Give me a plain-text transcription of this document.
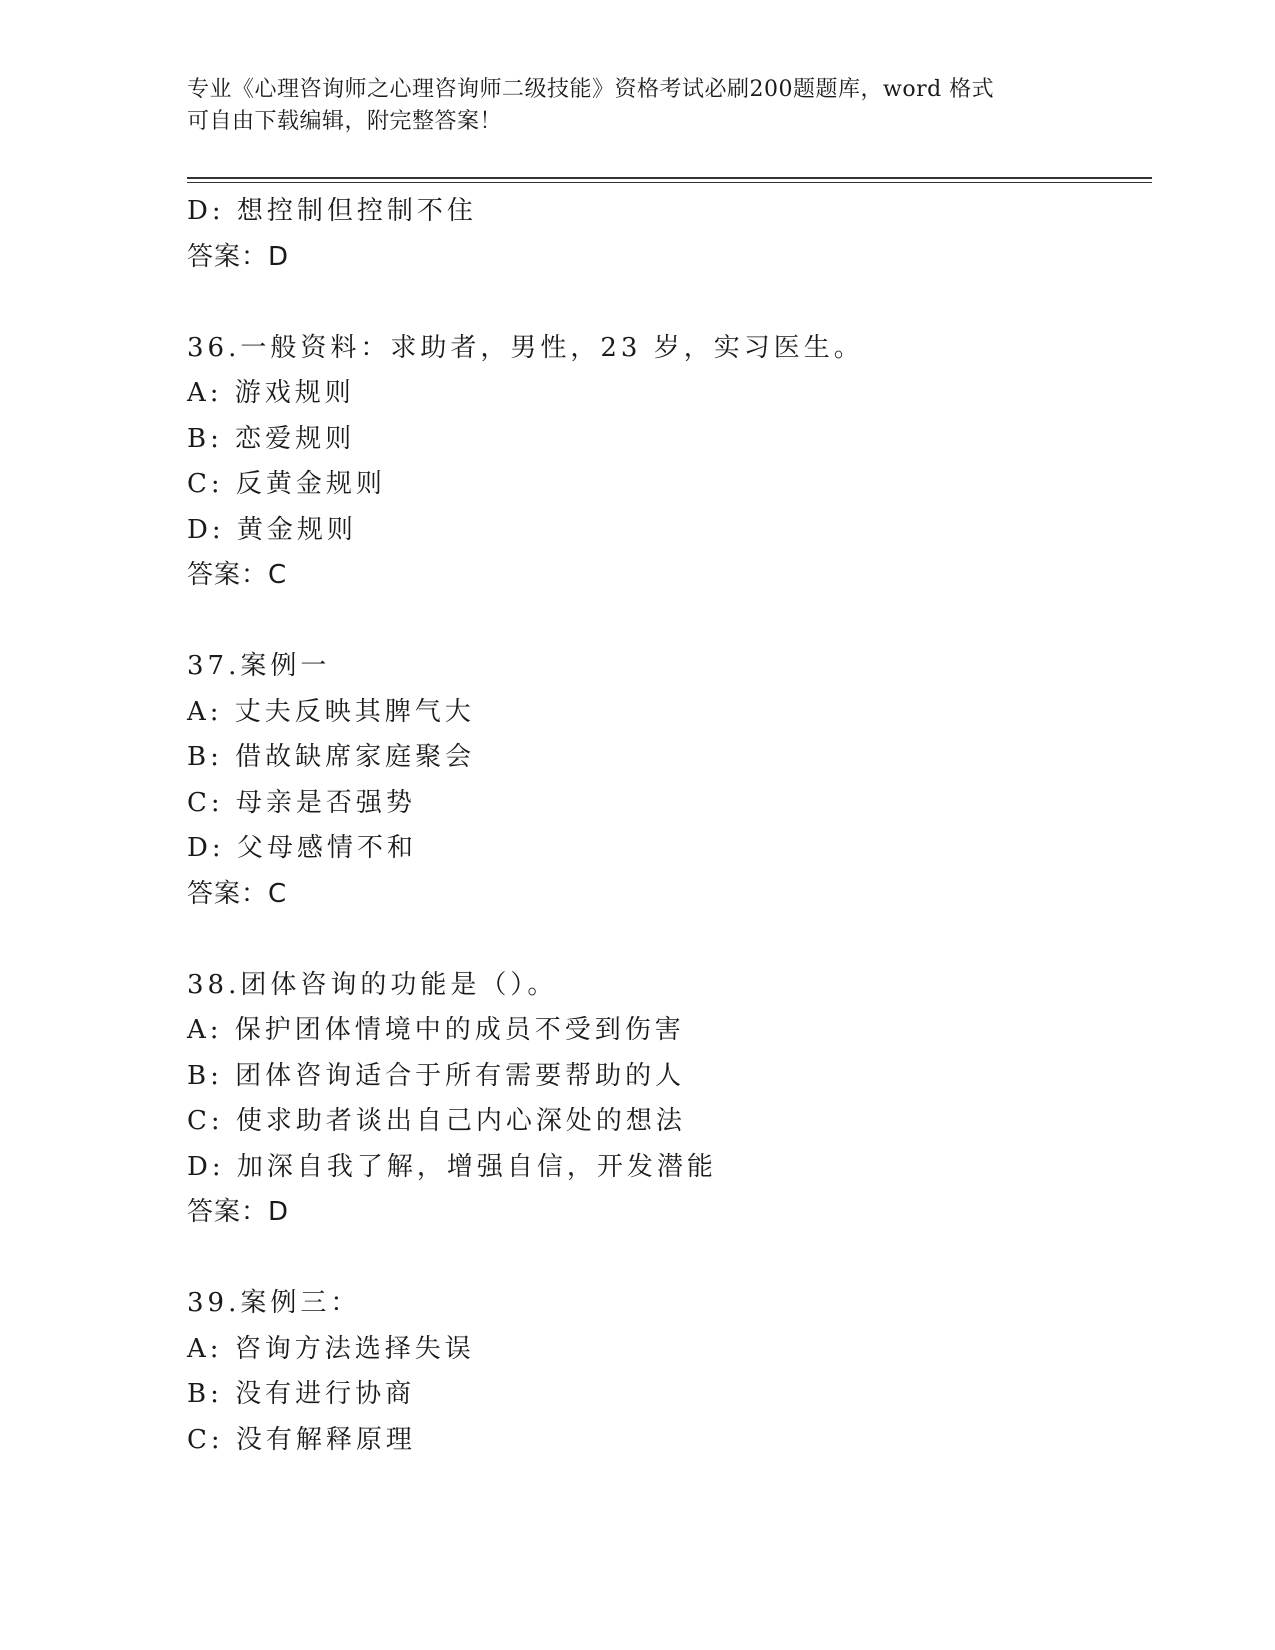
专业《心理咨询师之心理咨询师二级技能》资格考试必刷200题题库，word 格式
可自由下载编辑，附完整答案！
D: 想控制但控制不住
答案：D
36.一般资料：求助者，男性，23 岁，实习医生。
A: 游戏规则
B: 恋爱规则
C: 反黄金规则
D: 黄金规则
答案：C
37.案例一
A: 丈夫反映其脾气大
B: 借故缺席家庭聚会
C: 母亲是否强势
D: 父母感情不和
答案：C
38.团体咨询的功能是（）。
A: 保护团体情境中的成员不受到伤害
B: 团体咨询适合于所有需要帮助的人
C: 使求助者谈出自己内心深处的想法
D: 加深自我了解，增强自信，开发潜能
答案：D
39.案例三：
A: 咨询方法选择失误
B: 没有进行协商
C: 没有解释原理
